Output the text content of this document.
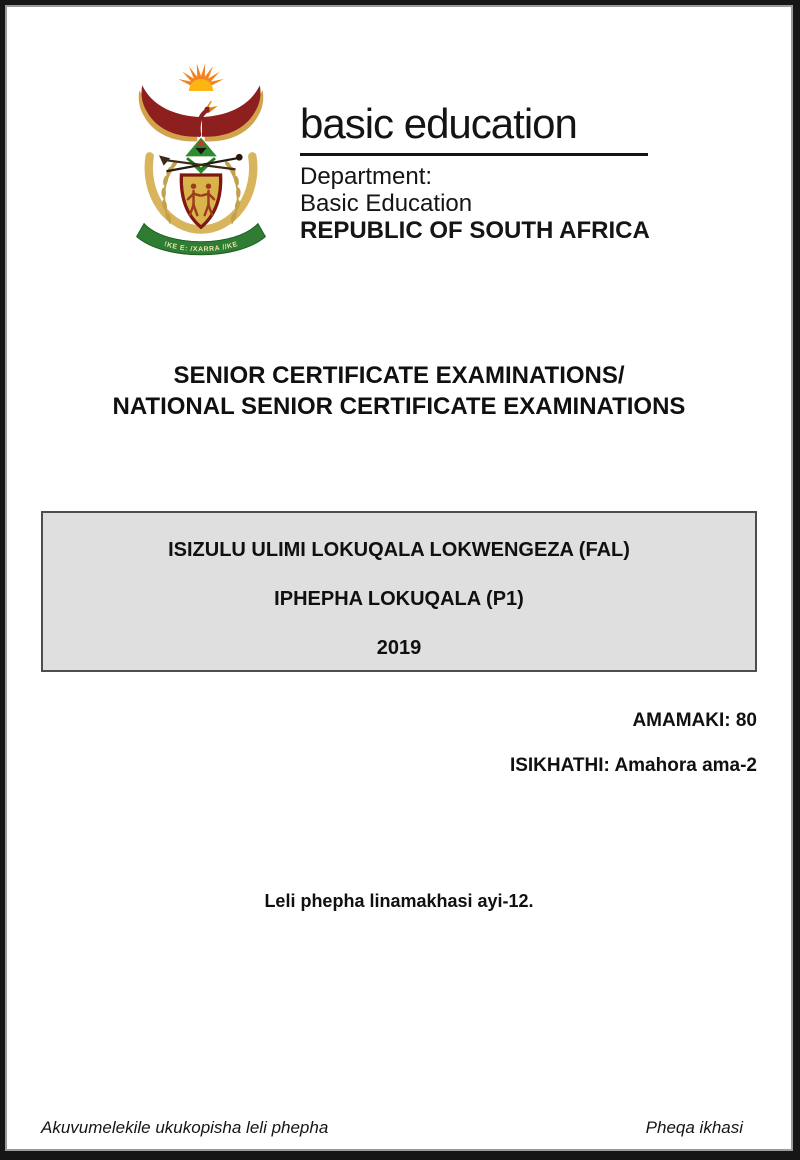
!KE E: /XARRA //KE
basic education
Department:
Basic Education
REPUBLIC OF SOUTH AFRICA
SENIOR CERTIFICATE EXAMINATIONS/
NATIONAL SENIOR CERTIFICATE EXAMINATIONS
ISIZULU ULIMI LOKUQALA LOKWENGEZA (FAL)
IPHEPHA LOKUQALA (P1)
2019
AMAMAKI: 80
ISIKHATHI: Amahora ama-2
Leli phepha linamakhasi ayi-12.
Akuvumelekile ukukopisha leli phepha	Pheqa ikhasi
